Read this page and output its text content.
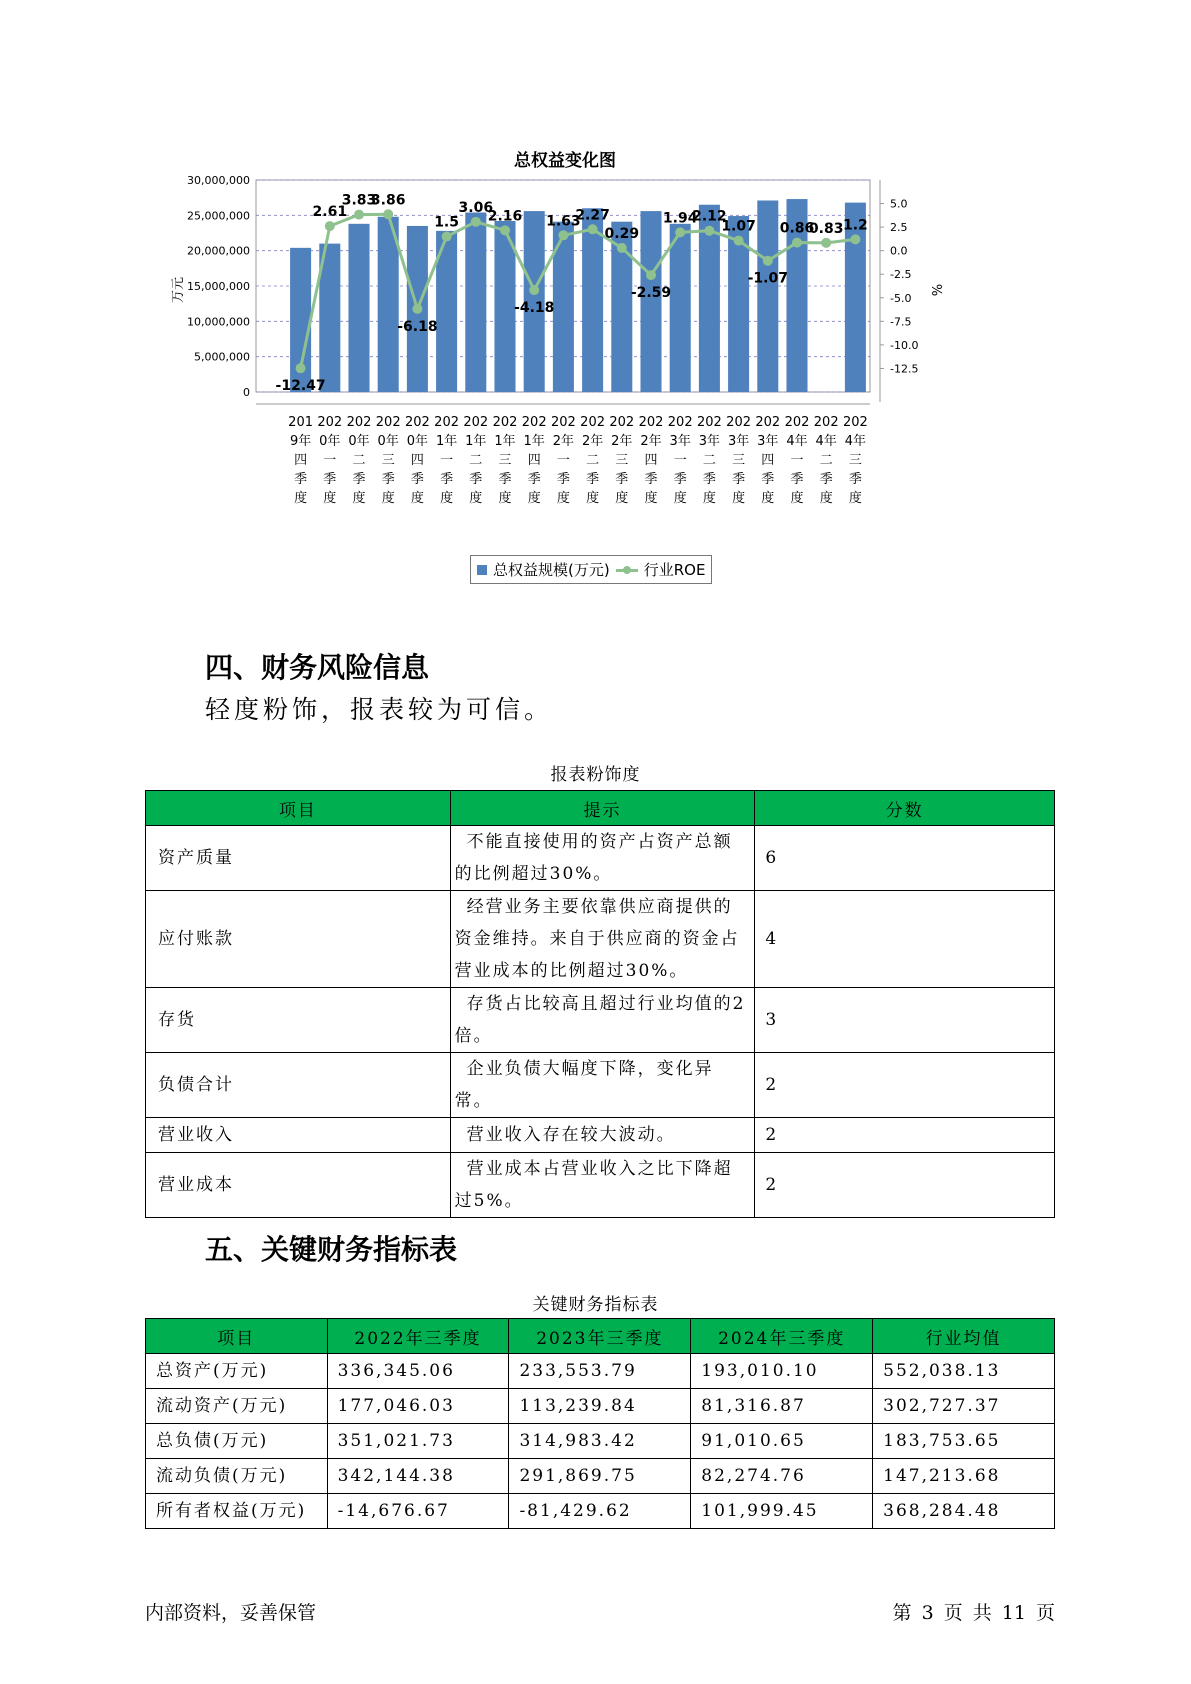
总权益变化图
0
5,000,000
10,000,000
15,000,000
20,000,000
25,000,000
30,000,000
5.0
2.5
0.0
-2.5
-5.0
-7.5
-10.0
-12.5
万元	%
-12.47
2.61
3.83
3.86
-6.18
1.5
3.06
2.16
-4.18
1.63
2.27
0.29
-2.59
1.94
2.12
1.07
-1.07
0.86
0.83 1.2
201
9年
四
季
度
202
0年
一
季
度
202
0年
二
季
度
202
0年
三
季
度
202
0年
四
季
度
202
1年
一
季
度
202
1年
二
季
度
202
1年
三
季
度
202
1年
四
季
度
202
2年
一
季
度
202
2年
二
季
度
202
2年
三
季
度
202
2年
四
季
度
202
3年
一
季
度
202
3年
二
季
度
202
3年
三
季
度
202
3年
四
季
度
202
4年
一
季
度
202
4年
二
季
度
202
4年
三
季
度
总权益规模(万元) 行业ROE
四、财务风险信息
轻度粉饰，报表较为可信。
报表粉饰度
项目	提示	分数
资产质量	不能直接使用的资产占资产总额的比例超过30%。	6
应付账款	经营业务主要依靠供应商提供的资金维持。来自于供应商的资金占营业成本的比例超过30%。	4
存货	存货占比较高且超过行业均值的2倍。	3
负债合计	企业负债大幅度下降，变化异常。	2
营业收入	营业收入存在较大波动。	2
营业成本	营业成本占营业收入之比下降超过5%。	2
五、关键财务指标表
关键财务指标表
项目	2022年三季度	2023年三季度	2024年三季度	行业均值
总资产(万元)	336,345.06	233,553.79	193,010.10	552,038.13
流动资产(万元)	177,046.03	113,239.84	81,316.87	302,727.37
总负债(万元)	351,021.73	314,983.42	91,010.65	183,753.65
流动负债(万元)	342,144.38	291,869.75	82,274.76	147,213.68
所有者权益(万元)	-14,676.67	-81,429.62	101,999.45	368,284.48
内部资料，妥善保管	第 3 页 共 11 页
